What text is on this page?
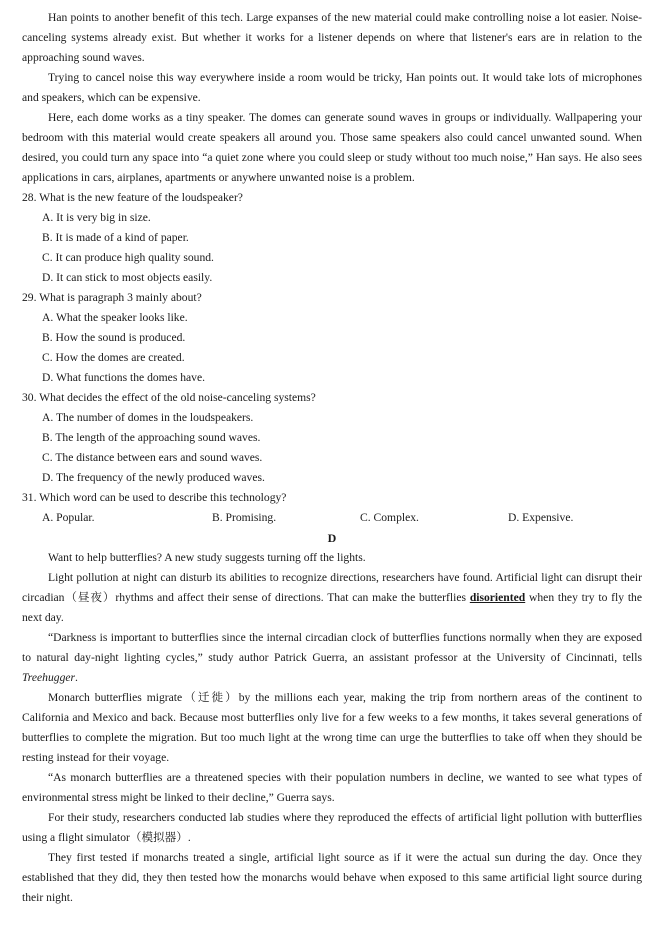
Han points to another benefit of this tech. Large expanses of the new material could make controlling noise a lot easier. Noise-canceling systems already exist. But whether it works for a listener depends on where that listener's ears are in relation to the approaching sound waves.

Trying to cancel noise this way everywhere inside a room would be tricky, Han points out. It would take lots of microphones and speakers, which can be expensive.

Here, each dome works as a tiny speaker. The domes can generate sound waves in groups or individually. Wallpapering your bedroom with this material would create speakers all around you. Those same speakers also could cancel unwanted sound. When desired, you could turn any space into “a quiet zone where you could sleep or study without too much noise,” Han says. He also sees applications in cars, airplanes, apartments or anywhere unwanted noise is a problem.

28. What is the new feature of the loudspeaker?

A. It is very big in size.

B. It is made of a kind of paper.

C. It can produce high quality sound.

D. It can stick to most objects easily.

29. What is paragraph 3 mainly about?

A. What the speaker looks like.

B. How the sound is produced.

C. How the domes are created.

D. What functions the domes have.

30. What decides the effect of the old noise-canceling systems?

A. The number of domes in the loudspeakers.

B. The length of the approaching sound waves.

C. The distance between ears and sound waves.

D. The frequency of the newly produced waves.

31. Which word can be used to describe this technology?

A. Popular.	B. Promising.	C. Complex.	D. Expensive.

D

Want to help butterflies? A new study suggests turning off the lights.

Light pollution at night can disturb its abilities to recognize directions, researchers have found. Artificial light can disrupt their circadian（昼夜）rhythms and affect their sense of directions. That can make the butterflies disoriented when they try to fly the next day.

“Darkness is important to butterflies since the internal circadian clock of butterflies functions normally when they are exposed to natural day-night lighting cycles,” study author Patrick Guerra, an assistant professor at the University of Cincinnati, tells Treehugger.

Monarch butterflies migrate（迁徙）by the millions each year, making the trip from northern areas of the continent to California and Mexico and back. Because most butterflies only live for a few weeks to a few months, it takes several generations of butterflies to complete the migration. But too much light at the wrong time can urge the butterflies to take off when they should be resting instead for their voyage.

“As monarch butterflies are a threatened species with their population numbers in decline, we wanted to see what types of environmental stress might be linked to their decline,” Guerra says.

For their study, researchers conducted lab studies where they reproduced the effects of artificial light pollution with butterflies using a flight simulator（模拟器）.

They first tested if monarchs treated a single, artificial light source as if it were the actual sun during the day. Once they established that they did, they then tested how the monarchs would behave when exposed to this same artificial light source during their night.
